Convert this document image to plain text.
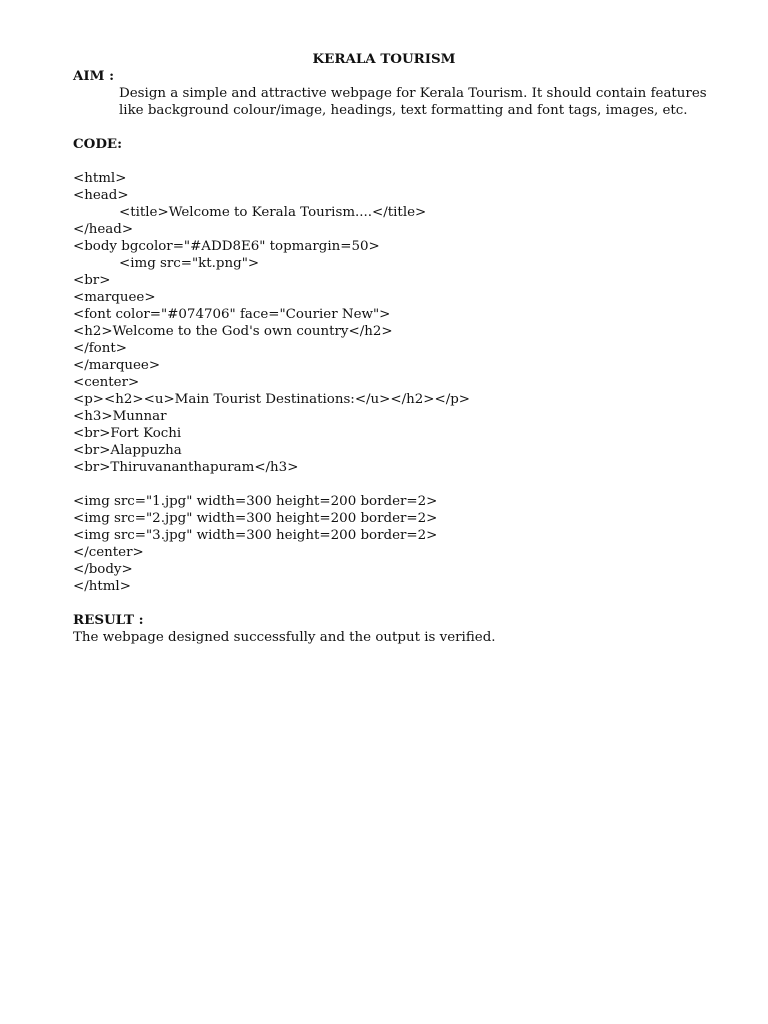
KERALA TOURISM
AIM :
Design a simple and attractive webpage for Kerala Tourism. It should contain features
like background colour/image, headings, text formatting and font tags, images, etc.
CODE:
<html>
<head>
<title>Welcome to Kerala Tourism....</title>
</head>
<body bgcolor="#ADD8E6" topmargin=50>
<img src="kt.png">
<br>
<marquee>
<font color="#074706" face="Courier New">
<h2>Welcome to the God's own country</h2>
</font>
</marquee>
<center>
<p><h2><u>Main Tourist Destinations:</u></h2></p>
<h3>Munnar
<br>Fort Kochi
<br>Alappuzha
<br>Thiruvananthapuram</h3>
<img src="1.jpg" width=300 height=200 border=2>
<img src="2.jpg" width=300 height=200 border=2>
<img src="3.jpg" width=300 height=200 border=2>
</center>
</body>
</html>
RESULT :
The webpage designed successfully and the output is verified.
